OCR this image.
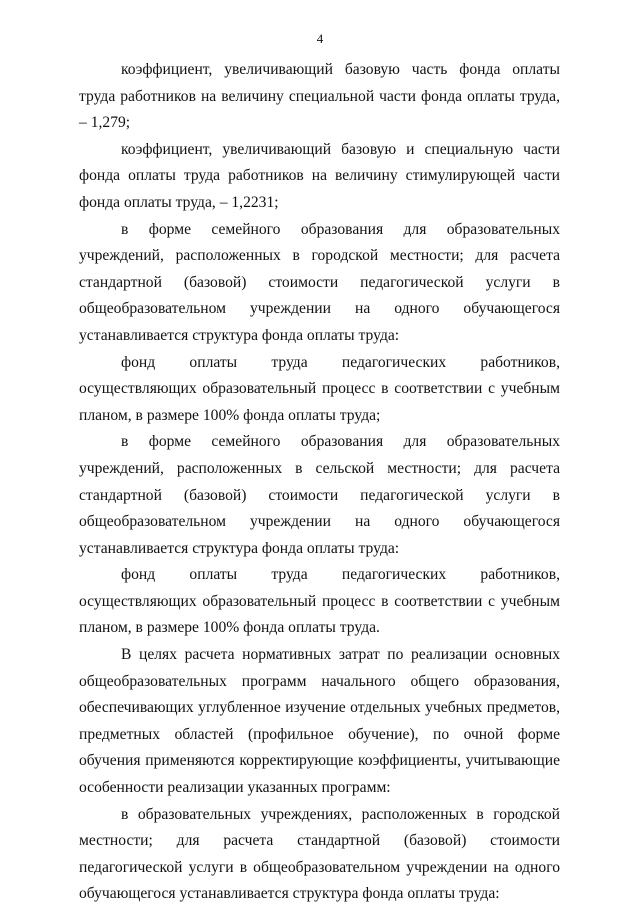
4

коэффициент, увеличивающий базовую часть фонда оплаты труда работников на величину специальной части фонда оплаты труда, – 1,279;

коэффициент, увеличивающий базовую и специальную части фонда оплаты труда работников на величину стимулирующей части фонда оплаты труда, – 1,2231;

в форме семейного образования для образовательных учреждений, расположенных в городской местности; для расчета стандартной (базовой) стоимости педагогической услуги в общеобразовательном учреждении на одного обучающегося устанавливается структура фонда оплаты труда:

фонд оплаты труда педагогических работников, осуществляющих образовательный процесс в соответствии с учебным планом, в размере 100% фонда оплаты труда;

в форме семейного образования для образовательных учреждений, расположенных в сельской местности; для расчета стандартной (базовой) стоимости педагогической услуги в общеобразовательном учреждении на одного обучающегося устанавливается структура фонда оплаты труда:

фонд оплаты труда педагогических работников, осуществляющих образовательный процесс в соответствии с учебным планом, в размере 100% фонда оплаты труда.

В целях расчета нормативных затрат по реализации основных общеобразовательных программ начального общего образования, обеспечивающих углубленное изучение отдельных учебных предметов, предметных областей (профильное обучение), по очной форме обучения применяются корректирующие коэффициенты, учитывающие особенности реализации указанных программ:

в образовательных учреждениях, расположенных в городской местности; для расчета стандартной (базовой) стоимости педагогической услуги в общеобразовательном учреждении на одного обучающегося устанавливается структура фонда оплаты труда:
